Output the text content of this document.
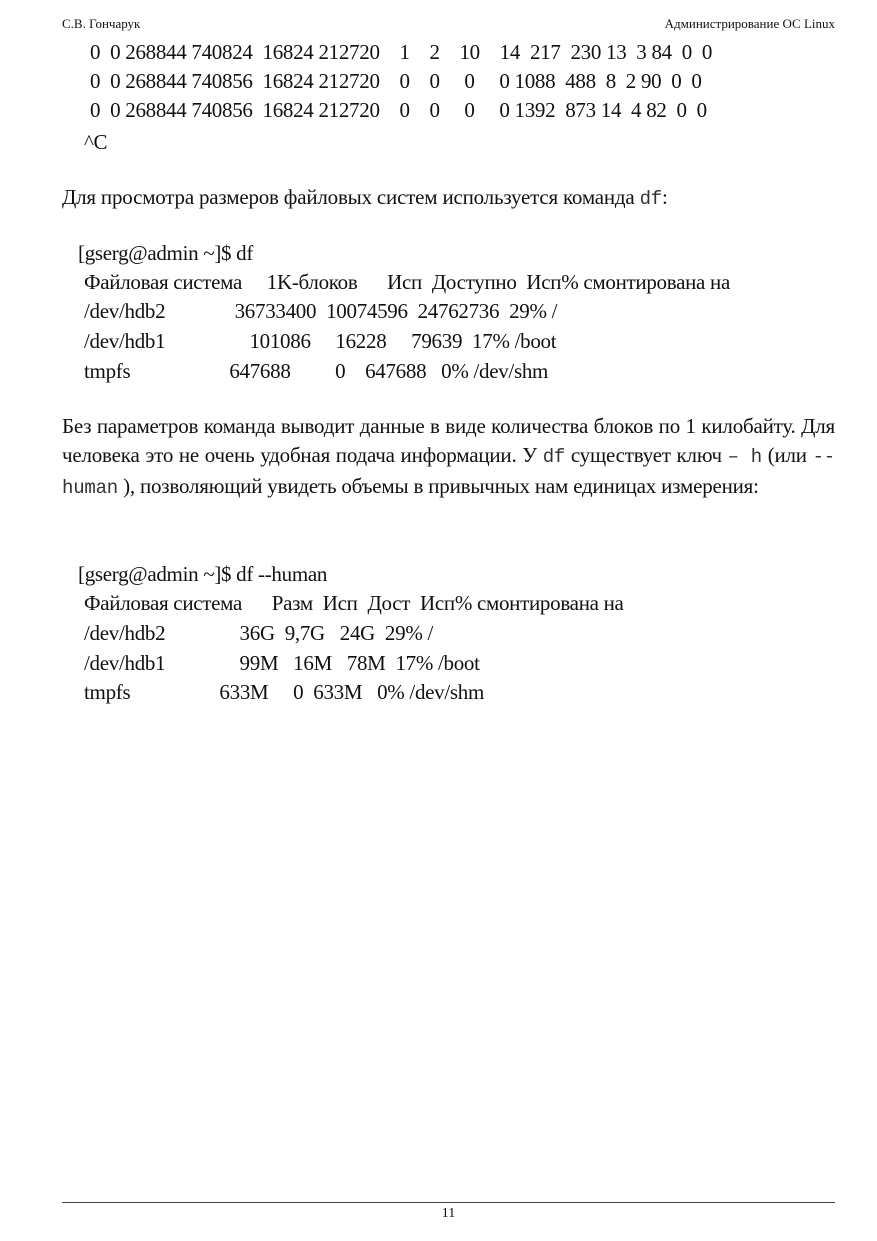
С.В. Гончарук	Администрирование ОС Linux
0  0 268844 740824  16824 212720    1    2    10    14  217  230 13  3 84  0  0
0  0 268844 740856  16824 212720    0    0     0     0 1088  488  8  2 90  0  0
0  0 268844 740856  16824 212720    0    0     0     0 1392  873 14  4 82  0  0
^C
Для просмотра размеров файловых систем используется команда df:
[gserg@admin ~]$ df
Файловая система     1K-блоков      Исп  Доступно  Исп% смонтирована на
/dev/hdb2              36733400  10074596  24762736  29% /
/dev/hdb1                 101086     16228     79639  17% /boot
tmpfs                    647688         0    647688   0% /dev/shm
Без параметров команда выводит данные в виде количества блоков по 1 килобайту. Для человека это не очень удобная подача информации. У df существует ключ – h (или -- human ), позволяющий увидеть объемы в привычных нам единицах измерения:
[gserg@admin ~]$ df --human
Файловая система      Разм  Исп  Дост  Исп% смонтирована на
/dev/hdb2               36G  9,7G   24G  29% /
/dev/hdb1               99M   16M   78M  17% /boot
tmpfs                  633M     0  633M   0% /dev/shm
11
